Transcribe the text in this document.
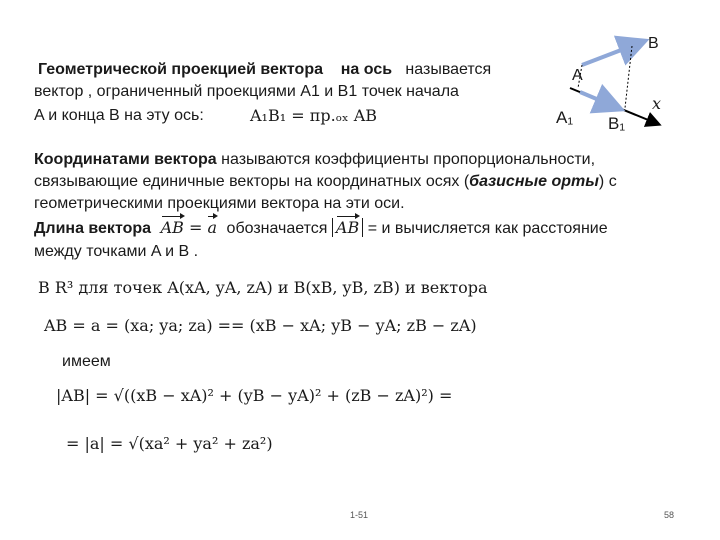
B
A
x
A₁ B₁
Геометрической проекцией вектора на ось называется
вектор , ограниченный проекциями A1 и B1 точек начала
A и конца B на эту ось:	A₁B₁ = пр.ₒₓ AB
Координатами вектора называются коэффициенты пропорциональности,
связывающие единичные векторы на координатных осях (базисные орты) с
геометрическими проекциями вектора на эти оси.
Длина вектора AB = a обозначается AB = и вычисляется как расстояние
между точками A и B .
В R³ для точек A(xA, yA, zA) и B(xB, yB, zB) и вектора
AB = a = (xa; ya; za) == (xB − xA; yB − yA; zB − zA)
имеем
|AB| = √((xB − xA)² + (yB − yA)² + (zB − zA)²) =
= |a| = √(xa² + ya² + za²)
1-51	58
